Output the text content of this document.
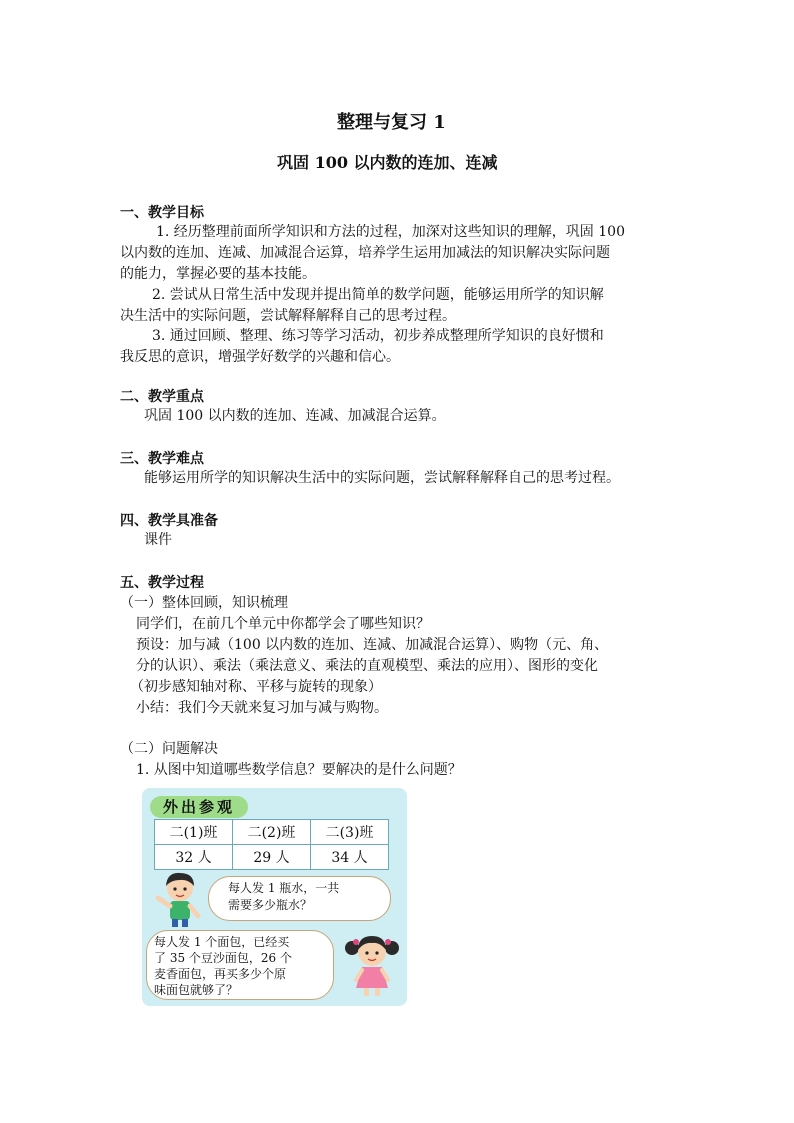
整理与复习 1
巩固 100 以内数的连加、连减
一、教学目标
1. 经历整理前面所学知识和方法的过程，加深对这些知识的理解，巩固 100
以内数的连加、连减、加减混合运算，培养学生运用加减法的知识解决实际问题
的能力，掌握必要的基本技能。
2. 尝试从日常生活中发现并提出简单的数学问题，能够运用所学的知识解
决生活中的实际问题，尝试解释解释自己的思考过程。
3. 通过回顾、整理、练习等学习活动，初步养成整理所学知识的良好惯和
我反思的意识，增强学好数学的兴趣和信心。
二、教学重点
巩固 100 以内数的连加、连减、加减混合运算。
三、教学难点
能够运用所学的知识解决生活中的实际问题，尝试解释解释自己的思考过程。
四、教学具准备
课件
五、教学过程
（一）整体回顾，知识梳理
同学们，在前几个单元中你都学会了哪些知识？
预设：加与减（100 以内数的连加、连减、加减混合运算）、购物（元、角、
分的认识）、乘法（乘法意义、乘法的直观模型、乘法的应用）、图形的变化
（初步感知轴对称、平移与旋转的现象）
小结：我们今天就来复习加与减与购物。
（二）问题解决
1. 从图中知道哪些数学信息？要解决的是什么问题？
外出参观
二(1)班	二(2)班	二(3)班
32 人	29 人	34 人
每人发 1 瓶水，一共
需要多少瓶水？
每人发 1 个面包，已经买
了 35 个豆沙面包，26 个
麦香面包，再买多少个原
味面包就够了？
